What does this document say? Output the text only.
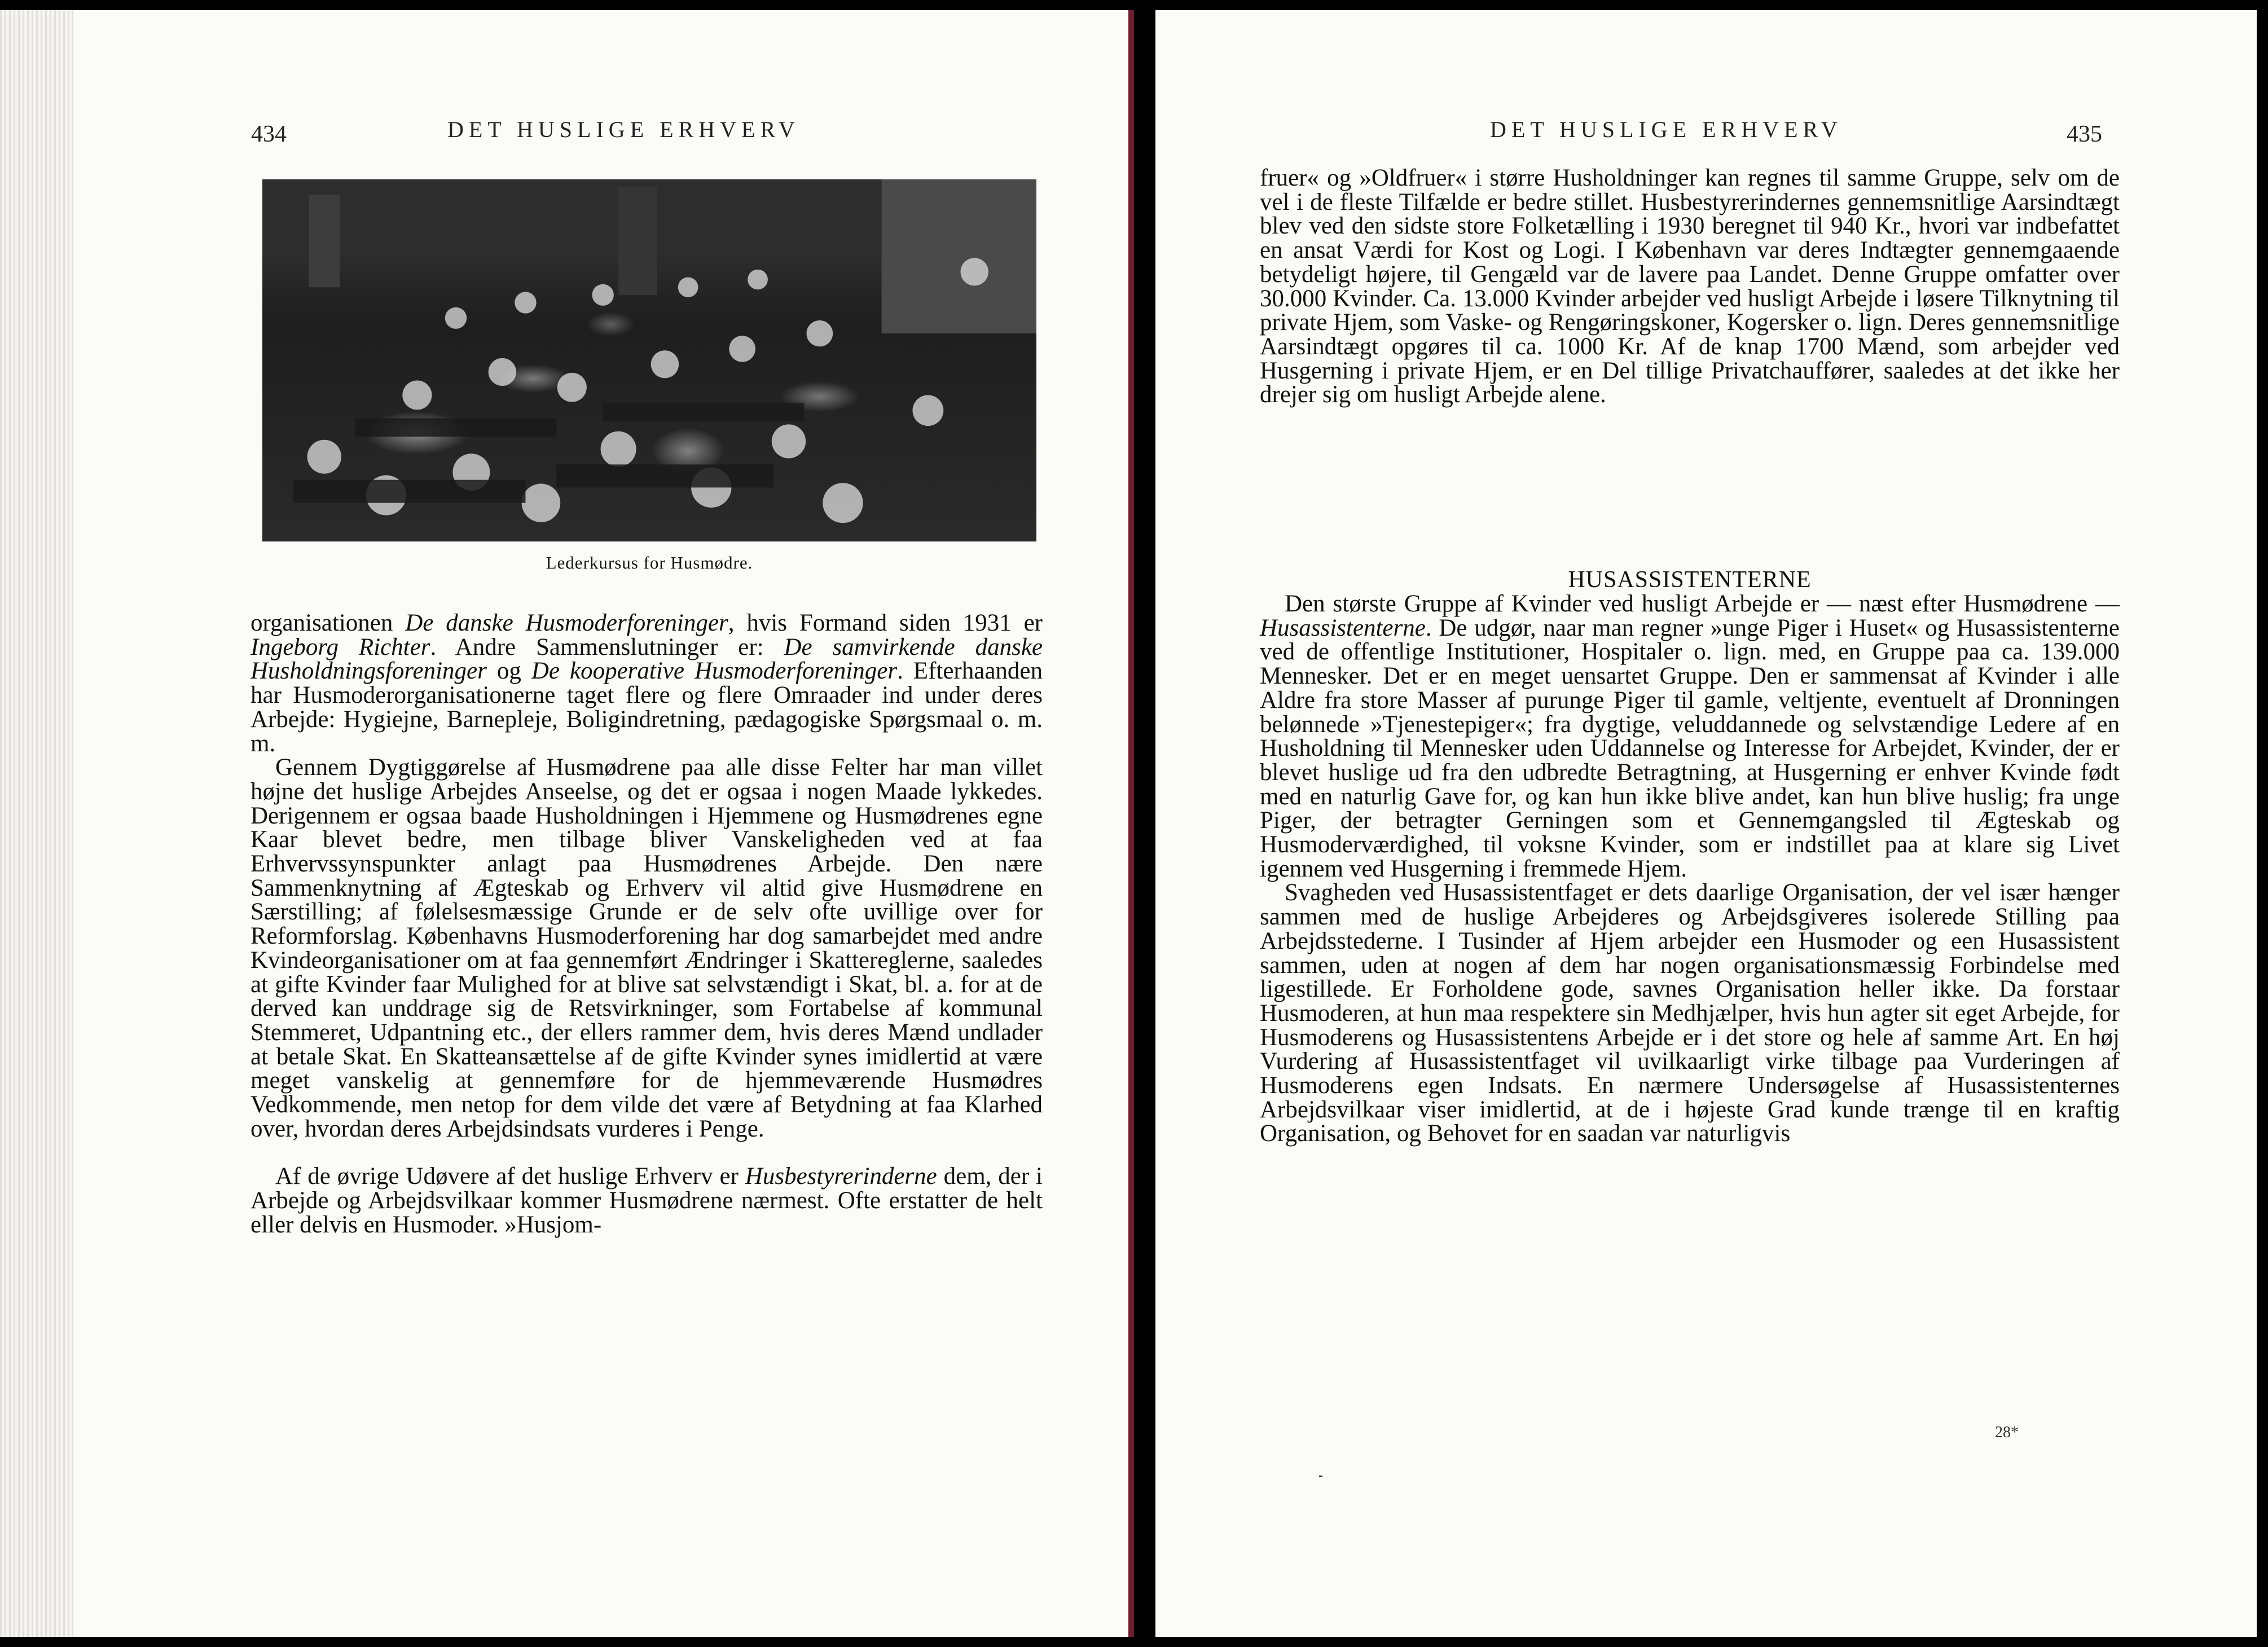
434	DET HUSLIGE ERHVERV
Lederkursus for Husmødre.

organisationen De danske Husmoderforeninger, hvis Formand siden 1931 er Ingeborg Richter. Andre Sammenslutninger er: De samvirkende danske Husholdningsforeninger og De kooperative Husmoderforeninger. Efterhaanden har Husmoderorganisationerne taget flere og flere Omraader ind under deres Arbejde: Hygiejne, Barnepleje, Boligindretning, pædagogiske Spørgsmaal o. m. m.

Gennem Dygtiggørelse af Husmødrene paa alle disse Felter har man villet højne det huslige Arbejdes Anseelse, og det er ogsaa i nogen Maade lykkedes. Derigennem er ogsaa baade Husholdningen i Hjemmene og Husmødrenes egne Kaar blevet bedre, men tilbage bliver Vanskeligheden ved at faa Erhvervssynspunkter anlagt paa Husmødrenes Arbejde. Den nære Sammenknytning af Ægteskab og Erhverv vil altid give Husmødrene en Særstilling; af følelsesmæssige Grunde er de selv ofte uvillige over for Reformforslag. Københavns Husmoderforening har dog samarbejdet med andre Kvindeorganisationer om at faa gennemført Ændringer i Skattereglerne, saaledes at gifte Kvinder faar Mulighed for at blive sat selvstændigt i Skat, bl. a. for at de derved kan unddrage sig de Retsvirkninger, som Fortabelse af kommunal Stemmeret, Udpantning etc., der ellers rammer dem, hvis deres Mænd undlader at betale Skat. En Skatteansættelse af de gifte Kvinder synes imidlertid at være meget vanskelig at gennemføre for de hjemmeværende Husmødres Vedkommende, men netop for dem vilde det være af Betydning at faa Klarhed over, hvordan deres Arbejdsindsats vurderes i Penge.

Af de øvrige Udøvere af det huslige Erhverv er Husbestyrerinderne dem, der i Arbejde og Arbejdsvilkaar kommer Husmødrene nærmest. Ofte erstatter de helt eller delvis en Husmoder. »Husjom-

DET HUSLIGE ERHVERV	435

fruer« og »Oldfruer« i større Husholdninger kan regnes til samme Gruppe, selv om de vel i de fleste Tilfælde er bedre stillet. Husbestyrerindernes gennemsnitlige Aarsindtægt blev ved den sidste store Folketælling i 1930 beregnet til 940 Kr., hvori var indbefattet en ansat Værdi for Kost og Logi. I København var deres Indtægter gennemgaaende betydeligt højere, til Gengæld var de lavere paa Landet. Denne Gruppe omfatter over 30.000 Kvinder. Ca. 13.000 Kvinder arbejder ved husligt Arbejde i løsere Tilknytning til private Hjem, som Vaske- og Rengøringskoner, Kogersker o. lign. Deres gennemsnitlige Aarsindtægt opgøres til ca. 1000 Kr. Af de knap 1700 Mænd, som arbejder ved Husgerning i private Hjem, er en Del tillige Privatchauffører, saaledes at det ikke her drejer sig om husligt Arbejde alene.

HUSASSISTENTERNE

Den største Gruppe af Kvinder ved husligt Arbejde er — næst efter Husmødrene — Husassistenterne. De udgør, naar man regner »unge Piger i Huset« og Husassistenterne ved de offentlige Institutioner, Hospitaler o. lign. med, en Gruppe paa ca. 139.000 Mennesker. Det er en meget uensartet Gruppe. Den er sammensat af Kvinder i alle Aldre fra store Masser af purunge Piger til gamle, veltjente, eventuelt af Dronningen belønnede »Tjenestepiger«; fra dygtige, veluddannede og selvstændige Ledere af en Husholdning til Mennesker uden Uddannelse og Interesse for Arbejdet, Kvinder, der er blevet huslige ud fra den udbredte Betragtning, at Husgerning er enhver Kvinde født med en naturlig Gave for, og kan hun ikke blive andet, kan hun blive huslig; fra unge Piger, der betragter Gerningen som et Gennemgangsled til Ægteskab og Husmoderværdighed, til voksne Kvinder, som er indstillet paa at klare sig Livet igennem ved Husgerning i fremmede Hjem.

Svagheden ved Husassistentfaget er dets daarlige Organisation, der vel især hænger sammen med de huslige Arbejderes og Arbejdsgiveres isolerede Stilling paa Arbejdsstederne. I Tusinder af Hjem arbejder een Husmoder og een Husassistent sammen, uden at nogen af dem har nogen organisationsmæssig Forbindelse med ligestillede. Er Forholdene gode, savnes Organisation heller ikke. Da forstaar Husmoderen, at hun maa respektere sin Medhjælper, hvis hun agter sit eget Arbejde, for Husmoderens og Husassistentens Arbejde er i det store og hele af samme Art. En høj Vurdering af Husassistentfaget vil uvilkaarligt virke tilbage paa Vurderingen af Husmoderens egen Indsats. En nærmere Undersøgelse af Husassistenternes Arbejdsvilkaar viser imidlertid, at de i højeste Grad kunde trænge til en kraftig Organisation, og Behovet for en saadan var naturligvis

28*
